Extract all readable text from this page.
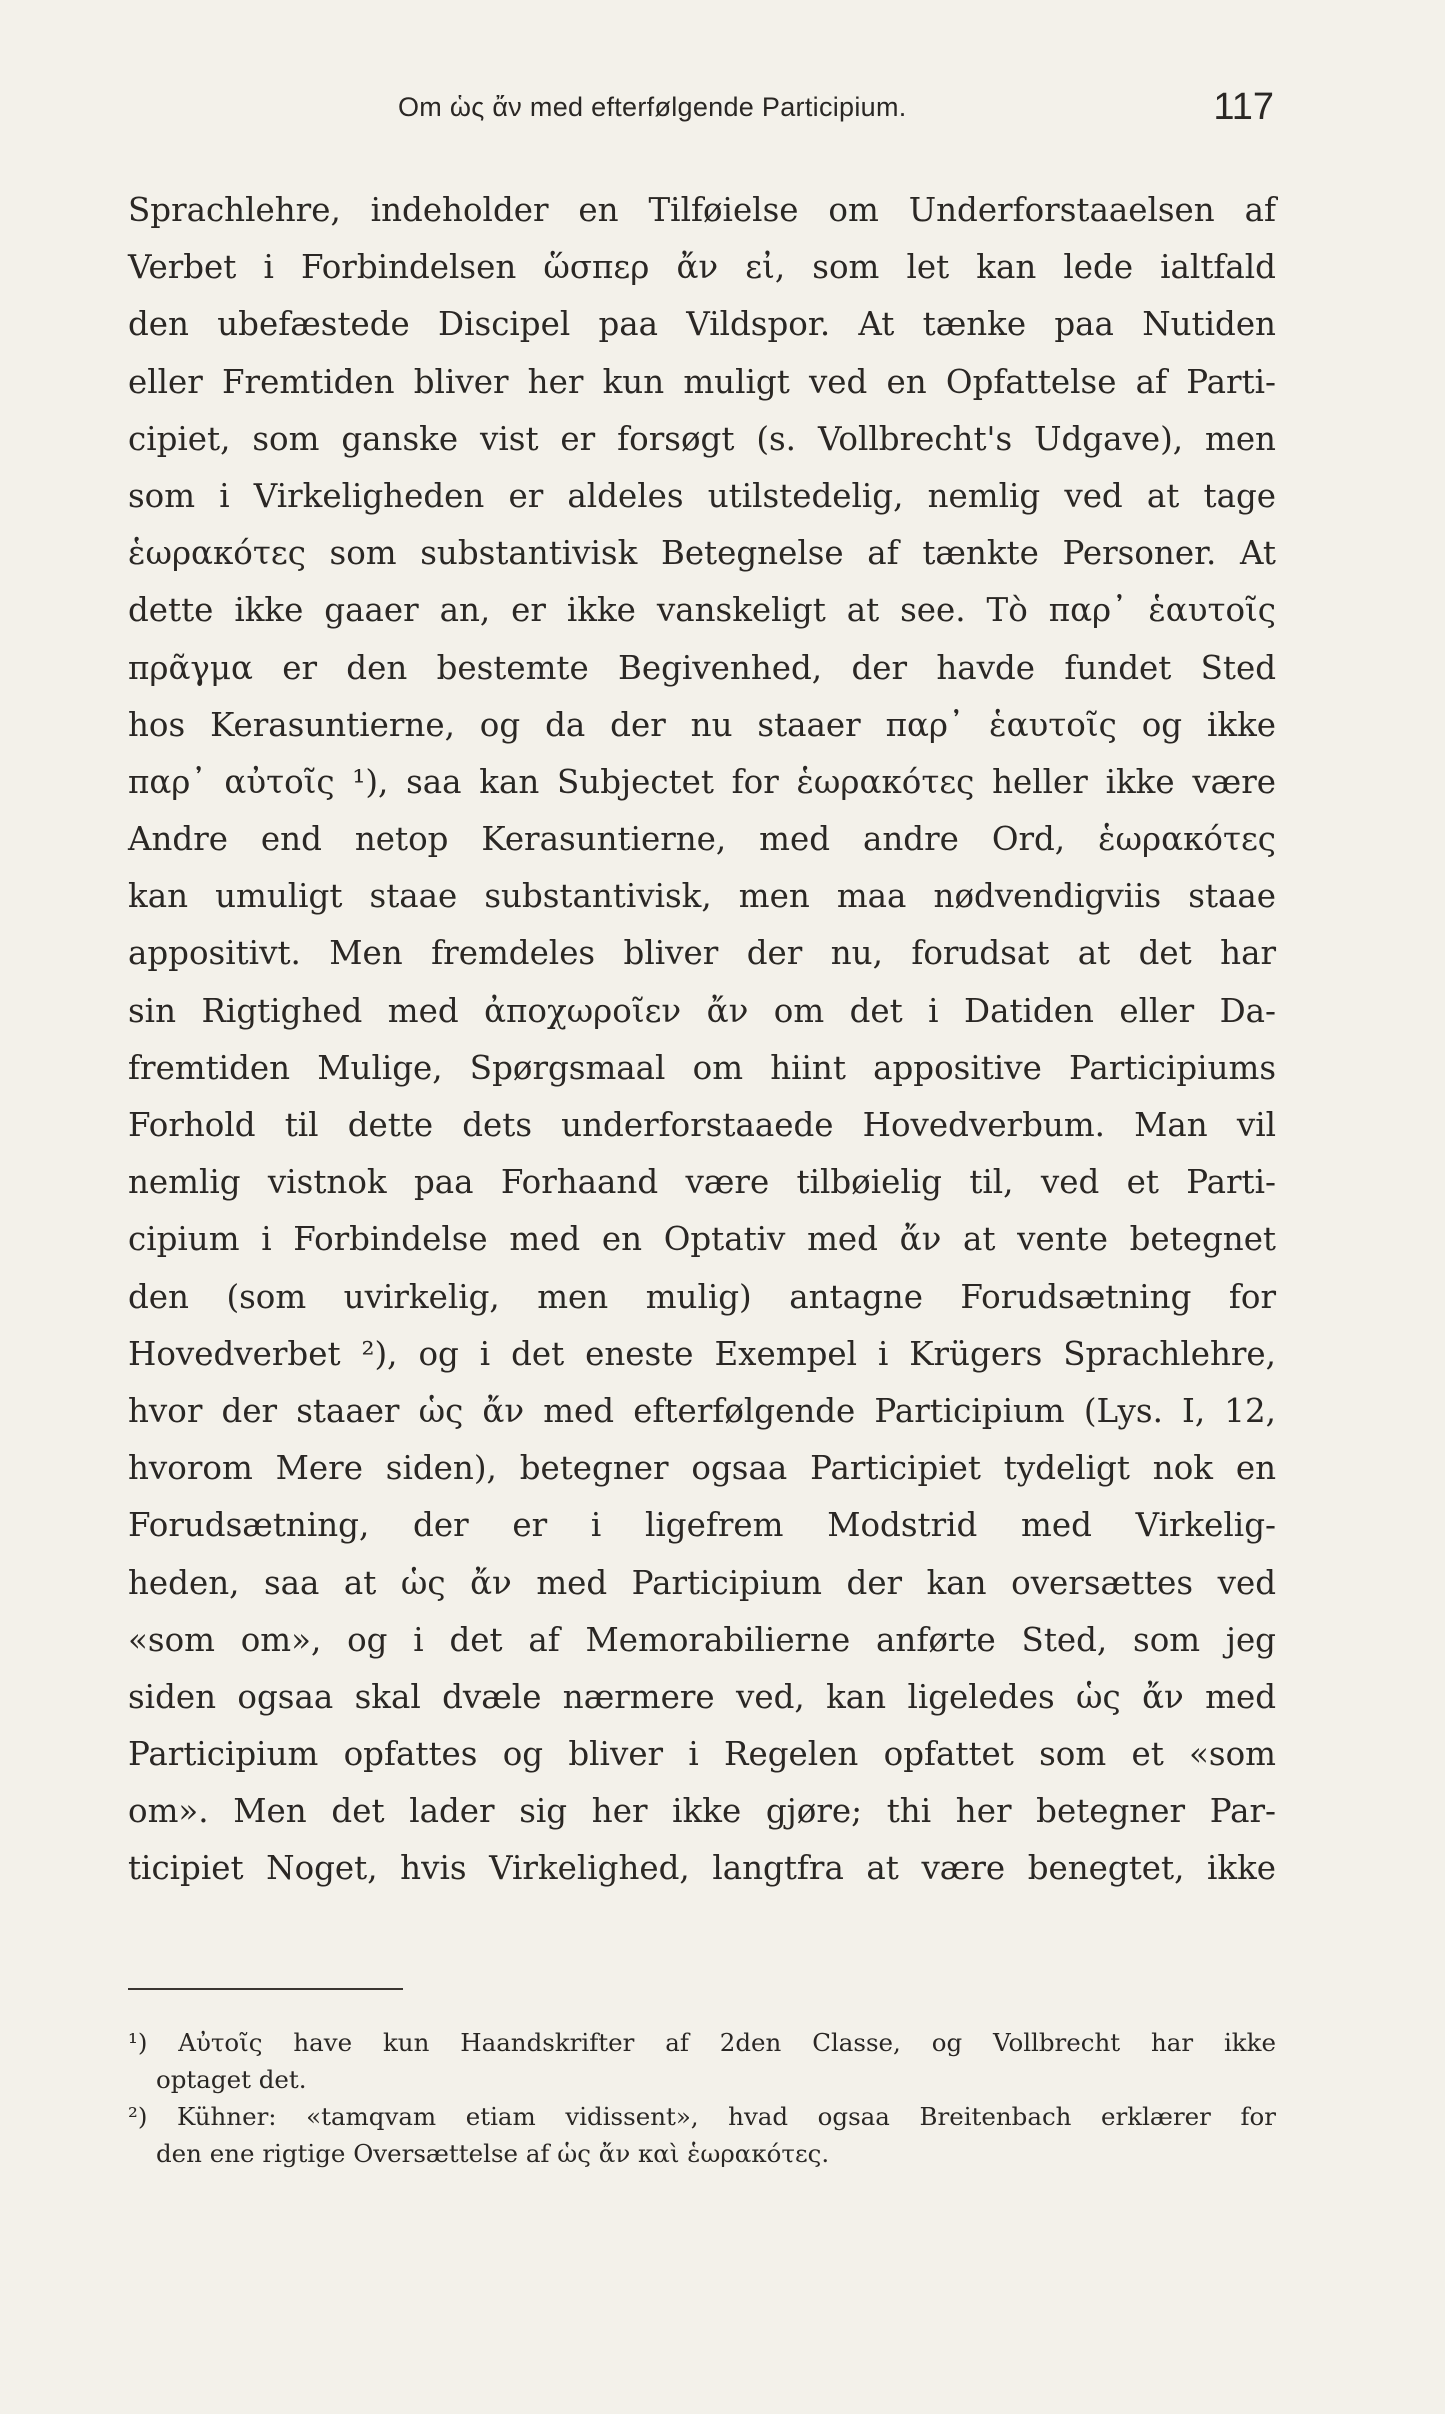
Om ὡς ἄν med efterfølgende Participium.	117
Sprachlehre, indeholder en Tilføielse om Underforstaaelsen af
Verbet i Forbindelsen ὥσπερ ἄν εἰ, som let kan lede ialtfald
den ubefæstede Discipel paa Vildspor. At tænke paa Nutiden
eller Fremtiden bliver her kun muligt ved en Opfattelse af Parti-
cipiet, som ganske vist er forsøgt (s. Vollbrecht's Udgave), men
som i Virkeligheden er aldeles utilstedelig, nemlig ved at tage
ἑωρακότες som substantivisk Betegnelse af tænkte Personer. At
dette ikke gaaer an, er ikke vanskeligt at see. Τὸ παρ᾽ ἑαυτοῖς
πρᾶγμα er den bestemte Begivenhed, der havde fundet Sted
hos Kerasuntierne, og da der nu staaer παρ᾽ ἑαυτοῖς og ikke
παρ᾽ αὐτοῖς ¹), saa kan Subjectet for ἑωρακότες heller ikke være
Andre end netop Kerasuntierne, med andre Ord, ἑωρακότες
kan umuligt staae substantivisk, men maa nødvendigviis staae
appositivt. Men fremdeles bliver der nu, forudsat at det har
sin Rigtighed med ἀποχωροῖεν ἄν om det i Datiden eller Da-
fremtiden Mulige, Spørgsmaal om hiint appositive Participiums
Forhold til dette dets underforstaaede Hovedverbum. Man vil
nemlig vistnok paa Forhaand være tilbøielig til, ved et Parti-
cipium i Forbindelse med en Optativ med ἄν at vente betegnet
den (som uvirkelig, men mulig) antagne Forudsætning for
Hovedverbet ²), og i det eneste Exempel i Krügers Sprachlehre,
hvor der staaer ὡς ἄν med efterfølgende Participium (Lys. I, 12,
hvorom Mere siden), betegner ogsaa Participiet tydeligt nok en
Forudsætning, der er i ligefrem Modstrid med Virkelig-
heden, saa at ὡς ἄν med Participium der kan oversættes ved
«som om», og i det af Memorabilierne anførte Sted, som jeg
siden ogsaa skal dvæle nærmere ved, kan ligeledes ὡς ἄν med
Participium opfattes og bliver i Regelen opfattet som et «som
om». Men det lader sig her ikke gjøre; thi her betegner Par-
ticipiet Noget, hvis Virkelighed, langtfra at være benegtet, ikke
¹) Αὐτοῖς have kun Haandskrifter af 2den Classe, og Vollbrecht har ikke
optaget det.
²) Kühner: «tamqvam etiam vidissent», hvad ogsaa Breitenbach erklærer for
den ene rigtige Oversættelse af ὡς ἄν καὶ ἑωρακότες.
